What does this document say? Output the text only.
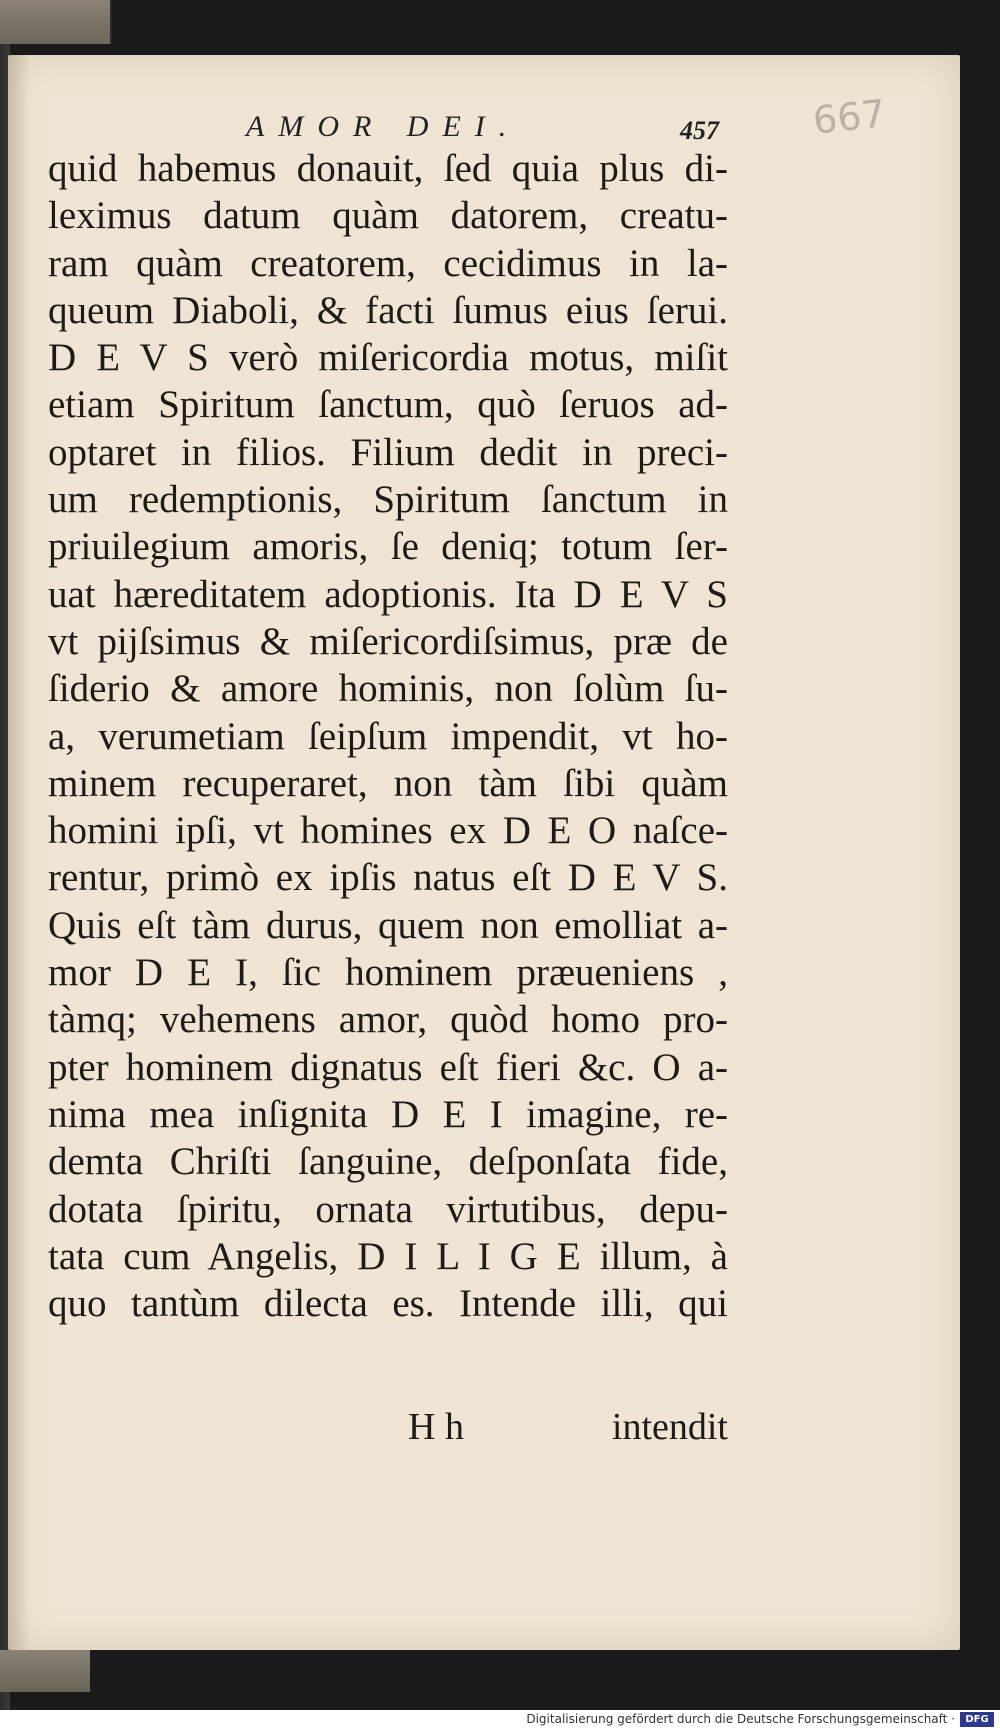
AMOR DEI.	457 667
quid habemus donauit, ſed quia plus di-
leximus datum quàm datorem, creatu-
ram quàm creatorem, cecidimus in la-
queum Diaboli, & facti ſumus eius ſerui.
D E V S verò miſericordia motus, miſit
etiam Spiritum ſanctum, quò ſeruos ad-
optaret in filios. Filium dedit in preci-
um redemptionis, Spiritum ſanctum in
priuilegium amoris, ſe deniq; totum ſer-
uat hæreditatem adoptionis. Ita D E V S
vt pijſsimus & miſericordiſsimus, præ de
ſiderio & amore hominis, non ſolùm ſu-
a, verumetiam ſeipſum impendit, vt ho-
minem recuperaret, non tàm ſibi quàm
homini ipſi, vt homines ex D E O naſce-
rentur, primò ex ipſis natus eſt D E V S.
Quis eſt tàm durus, quem non emolliat a-
mor D E I, ſic hominem præueniens ,
tàmq; vehemens amor, quòd homo pro-
pter hominem dignatus eſt fieri &c. O a-
nima mea inſignita D E I imagine, re-
demta Chriſti ſanguine, deſponſata fide,
dotata ſpiritu, ornata virtutibus, depu-
tata cum Angelis, D I L I G E illum, à
quo tantùm dilecta es. Intende illi, qui
H h	intendit
Digitalisierung gefördert durch die Deutsche Forschungsgemeinschaft ·	DFG
